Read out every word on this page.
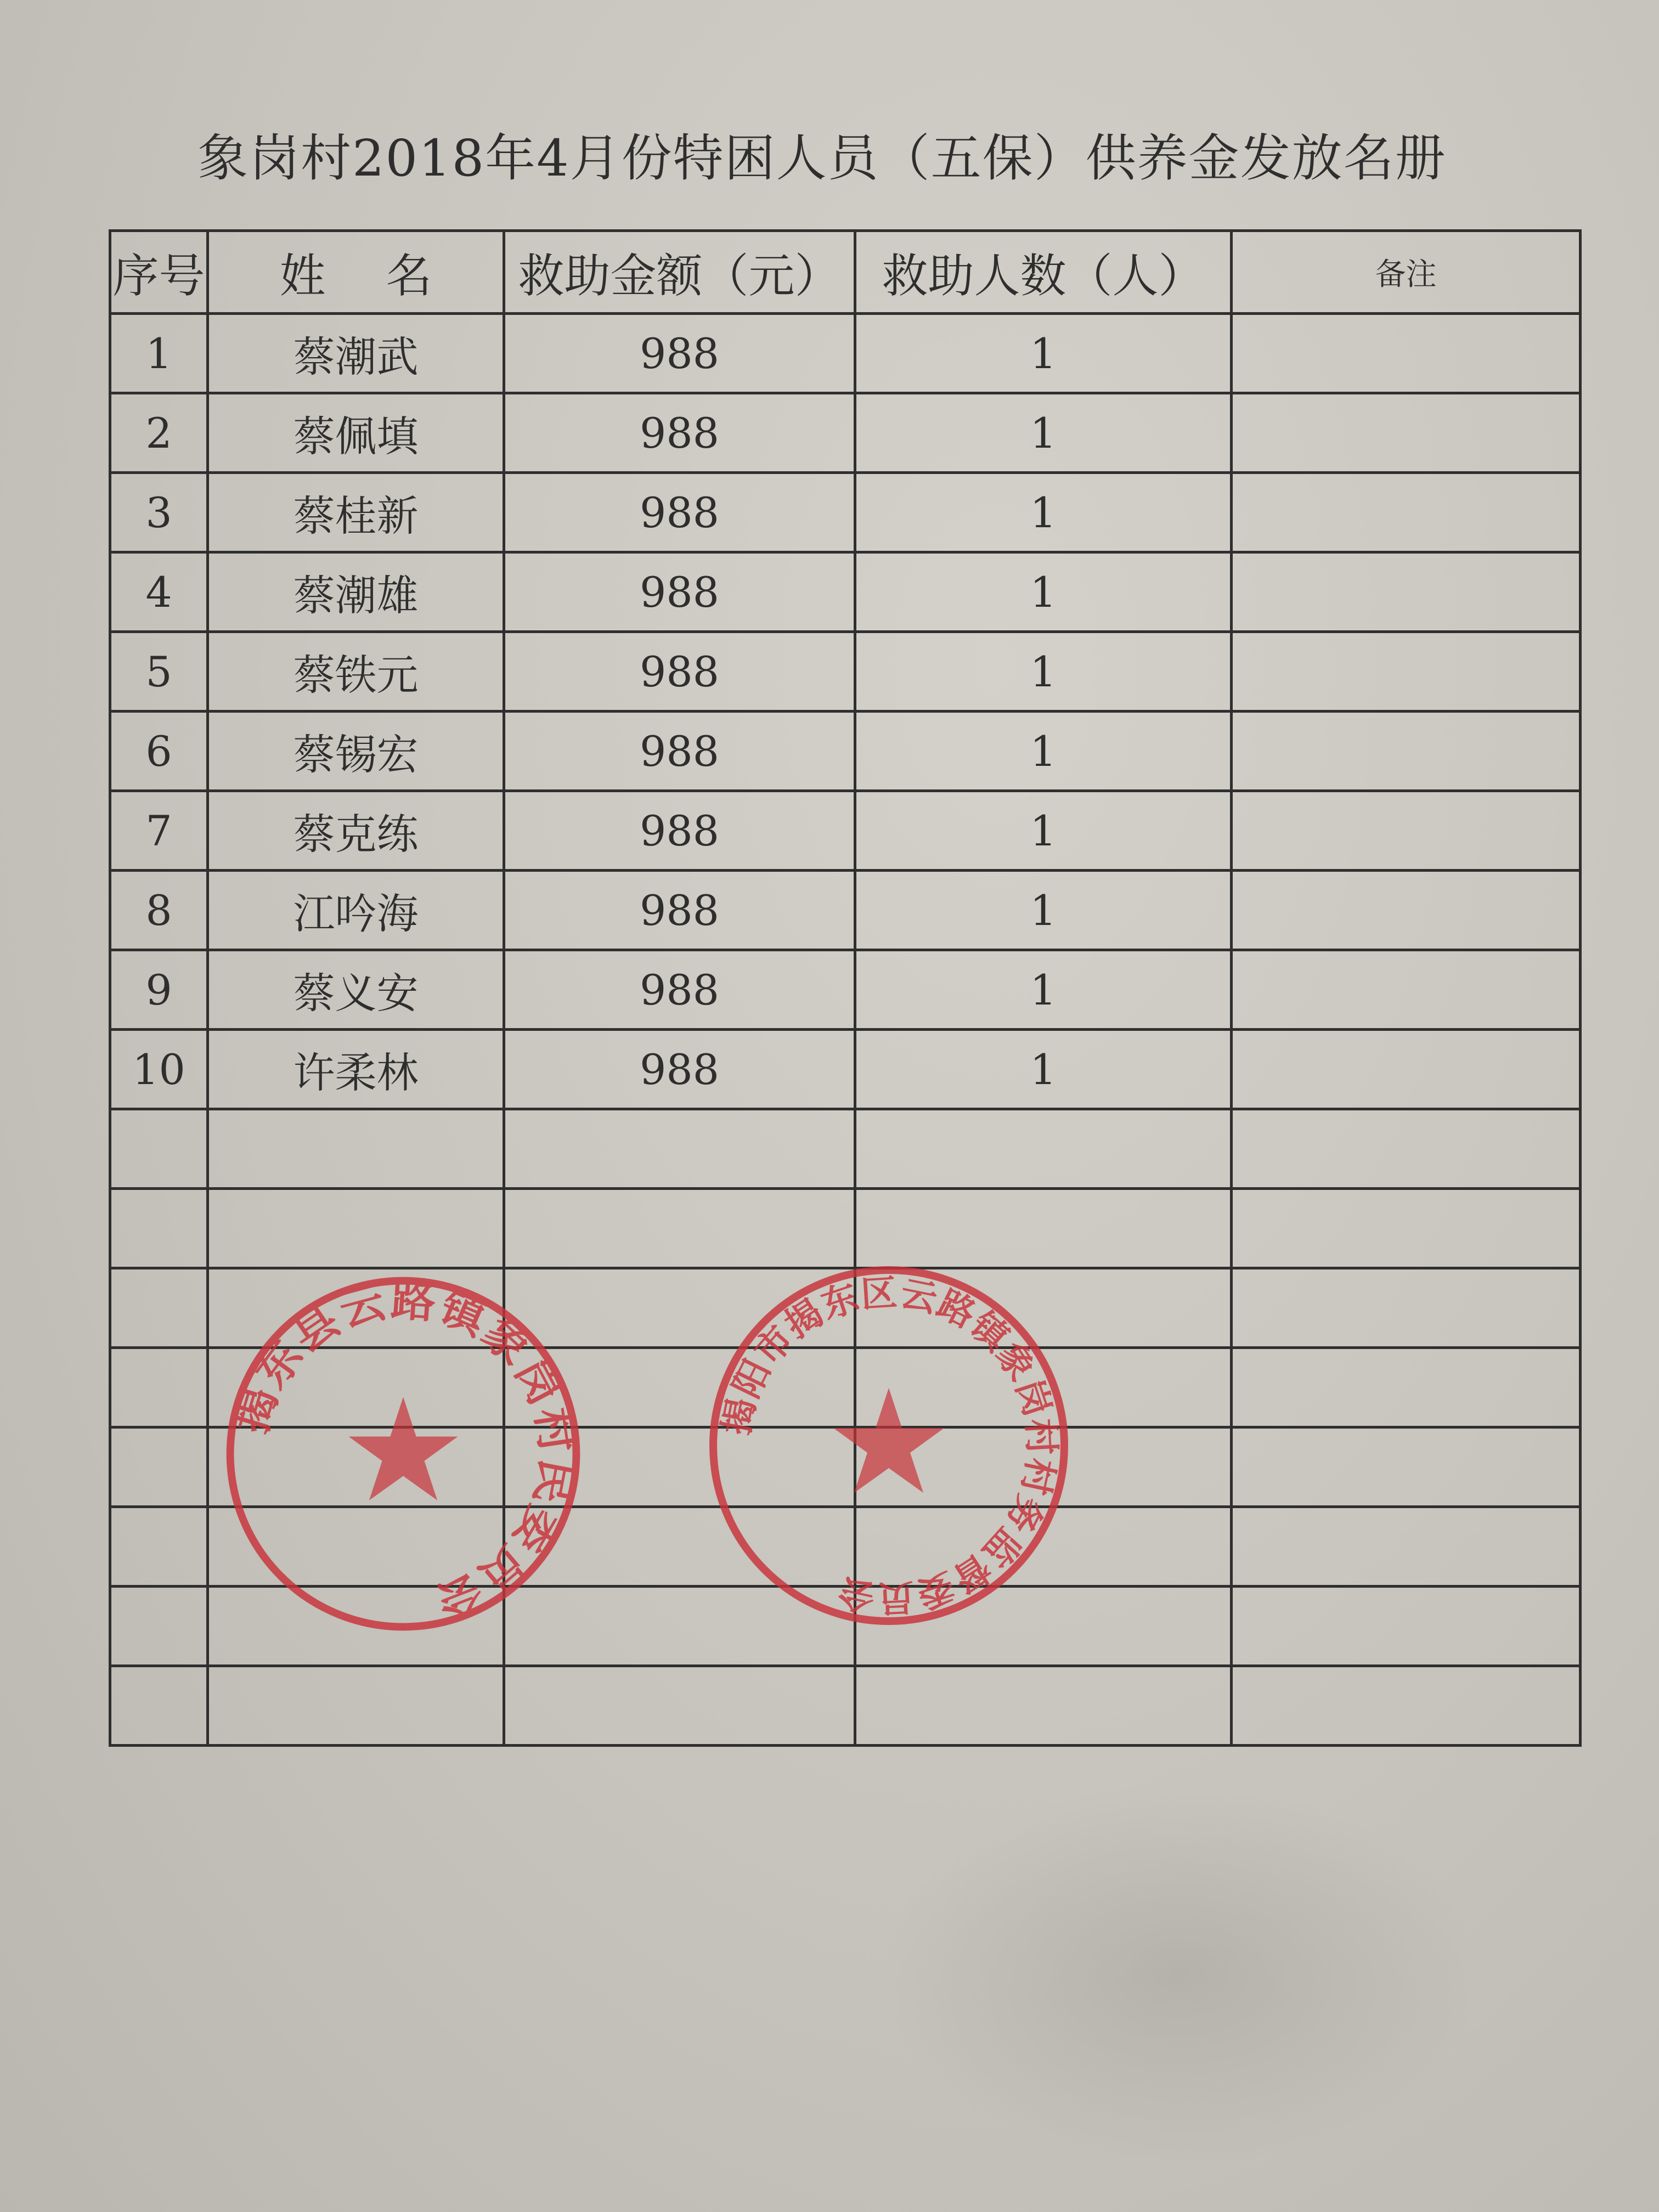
象岗村2018年4月份特困人员（五保）供养金发放名册
序号	姓名	救助金额（元）	救助人数（人）	备注
1	蔡潮武	988	1	
2	蔡佩填	988	1	
3	蔡桂新	988	1	
4	蔡潮雄	988	1	
5	蔡铁元	988	1	
6	蔡锡宏	988	1	
7	蔡克练	988	1	
8	江吟海	988	1	
9	蔡义安	988	1	
10	许柔林	988	1	

揭东县云路镇象岗村民委员会
揭阳市揭东区云路镇象岗村村务监督委员会
